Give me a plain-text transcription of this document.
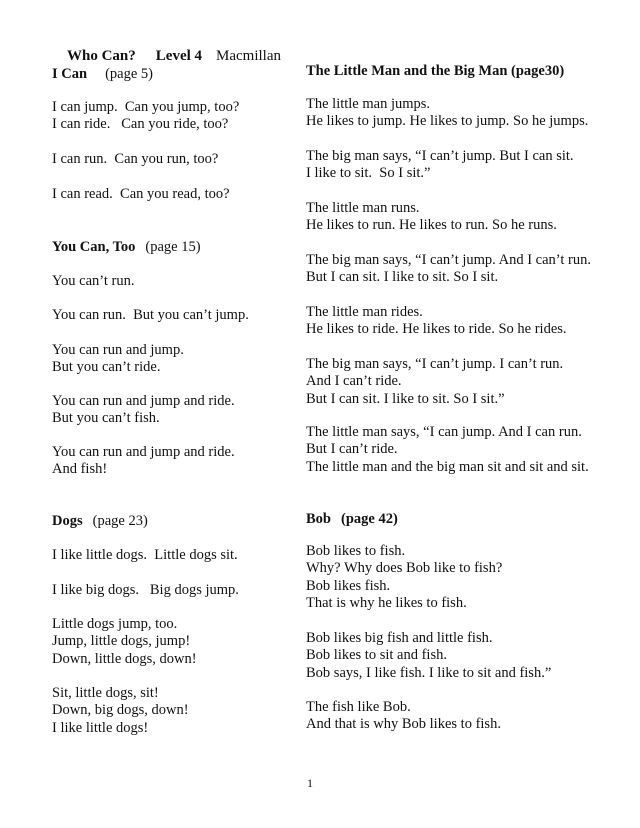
Who Can? Level 4 Macmillan

I Can (page 5)
I can jump.  Can you jump, too?
I can ride.   Can you ride, too?
I can run.  Can you run, too?
I can read.  Can you read, too?
You Can, Too (page 15)
You can’t run.
You can run.  But you can’t jump.
You can run and jump.
But you can’t ride.
You can run and jump and ride.
But you can’t fish.
You can run and jump and ride.
And fish!
Dogs (page 23)
I like little dogs.  Little dogs sit.
I like big dogs.   Big dogs jump.
Little dogs jump, too.
Jump, little dogs, jump!
Down, little dogs, down!
Sit, little dogs, sit!
Down, big dogs, down!
I like little dogs!
The Little Man and the Big Man (page30)
The little man jumps.
He likes to jump. He likes to jump. So he jumps.
The big man says, “I can’t jump. But I can sit.
I like to sit.  So I sit.”
The little man runs.
He likes to run. He likes to run. So he runs.
The big man says, “I can’t jump. And I can’t run.
But I can sit. I like to sit. So I sit.
The little man rides.
He likes to ride. He likes to ride. So he rides.
The big man says, “I can’t jump. I can’t run.
And I can’t ride.
But I can sit. I like to sit. So I sit.”
The little man says, “I can jump. And I can run.
But I can’t ride.
The little man and the big man sit and sit and sit.
Bob (page 42)
Bob likes to fish.
Why? Why does Bob like to fish?
Bob likes fish.
That is why he likes to fish.
Bob likes big fish and little fish.
Bob likes to sit and fish.
Bob says, I like fish. I like to sit and fish.”
The fish like Bob.
And that is why Bob likes to fish.
1
